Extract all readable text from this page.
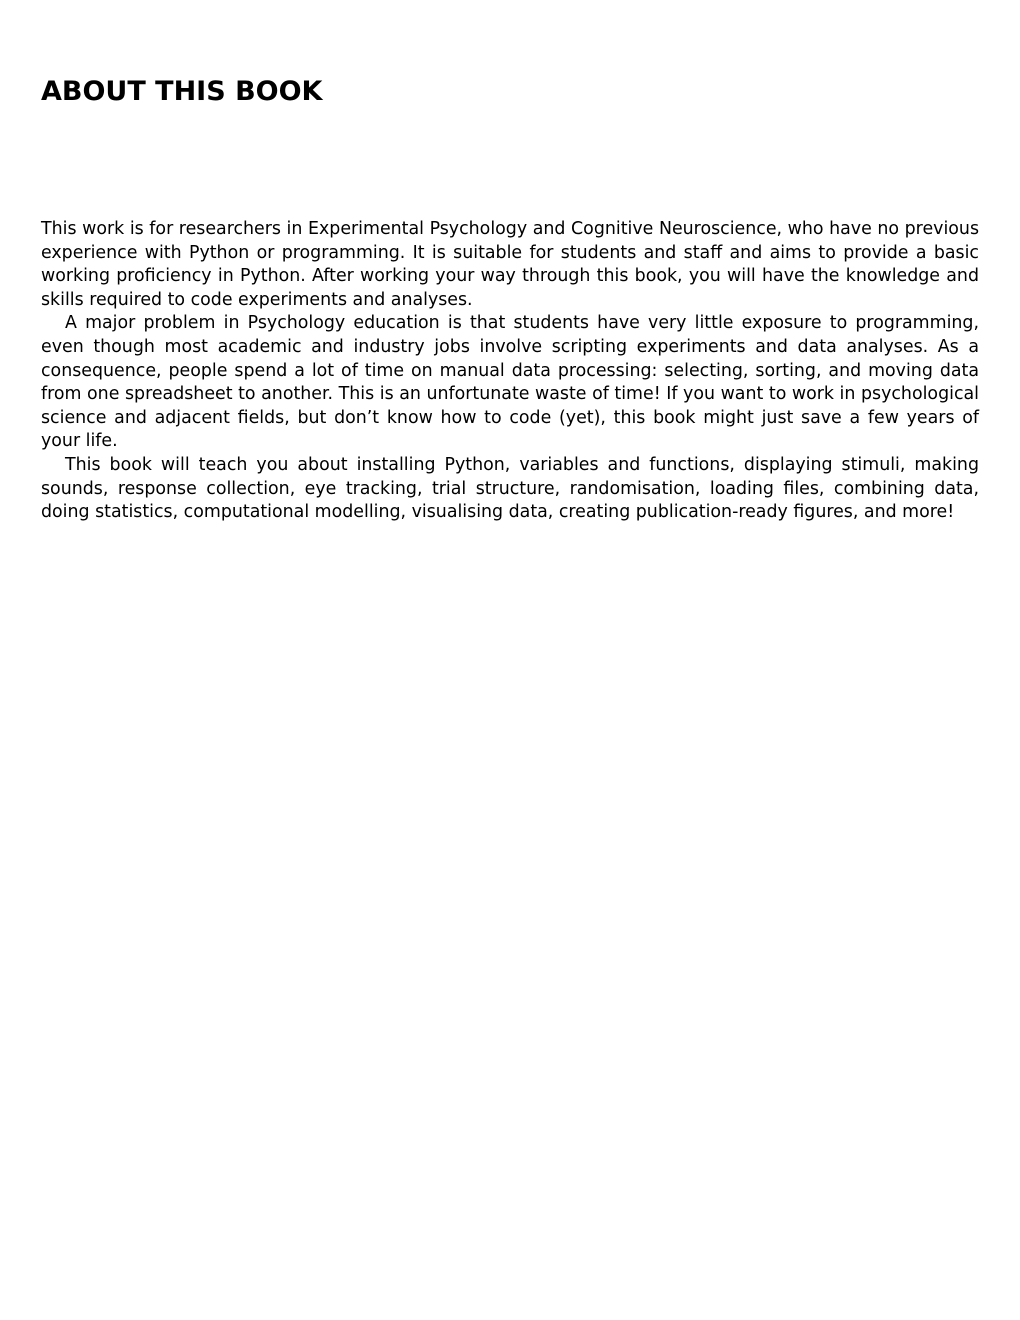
ABOUT THIS BOOK

This work is for researchers in Experimental Psychology and Cognitive Neuroscience, who have no previous experience with Python or programming. It is suitable for students and staff and aims to provide a basic working proficiency in Python. After working your way through this book, you will have the knowledge and skills required to code experiments and analyses.

A major problem in Psychology education is that students have very little exposure to programming, even though most academic and industry jobs involve scripting experiments and data analyses. As a consequence, people spend a lot of time on manual data processing: selecting, sorting, and moving data from one spreadsheet to another. This is an unfortunate waste of time! If you want to work in psychological science and adjacent fields, but don’t know how to code (yet), this book might just save a few years of your life.

This book will teach you about installing Python, variables and functions, displaying stimuli, making sounds, response collection, eye tracking, trial structure, randomisation, loading files, combining data, doing statistics, computational modelling, visualising data, creating publication-ready figures, and more!
